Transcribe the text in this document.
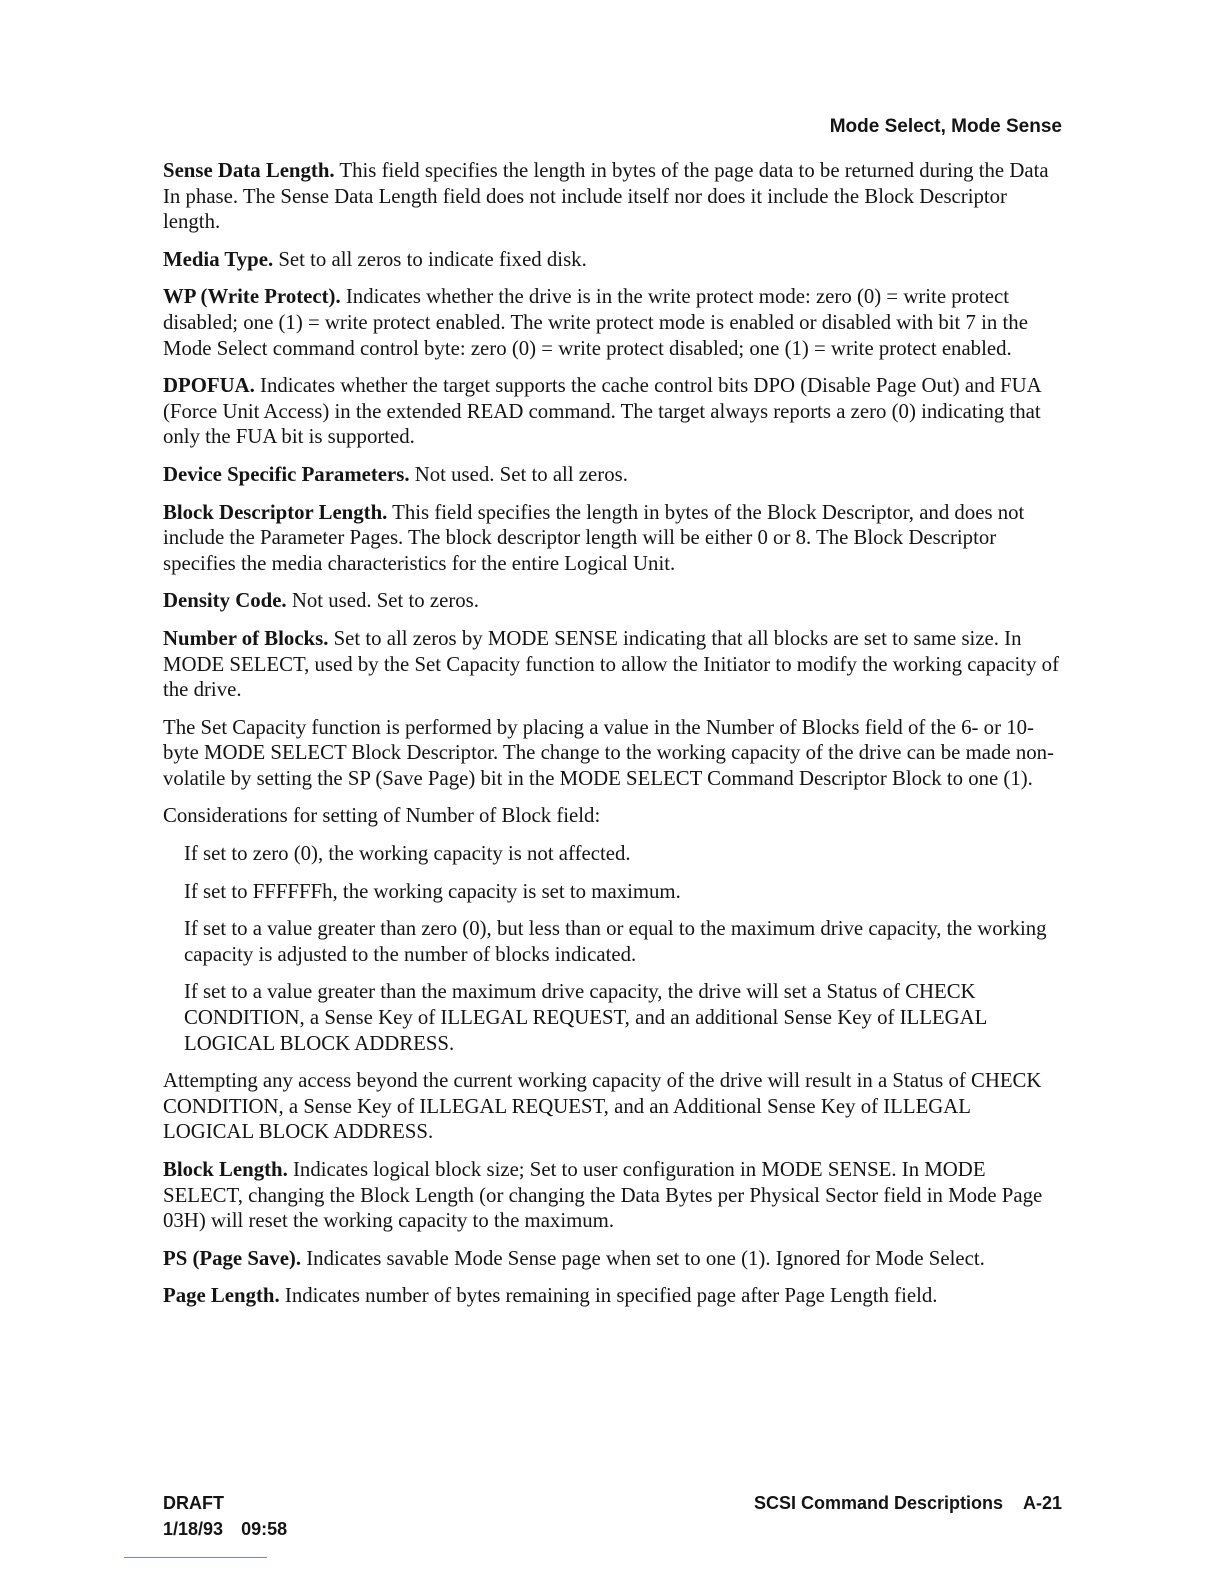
Mode Select, Mode Sense

Sense Data Length. This field specifies the length in bytes of the page data to be returned during the Data In phase. The Sense Data Length field does not include itself nor does it include the Block Descriptor length.

Media Type. Set to all zeros to indicate fixed disk.

WP (Write Protect). Indicates whether the drive is in the write protect mode: zero (0) = write protect disabled; one (1) = write protect enabled. The write protect mode is enabled or disabled with bit 7 in the Mode Select command control byte: zero (0) = write protect disabled; one (1) = write protect enabled.

DPOFUA. Indicates whether the target supports the cache control bits DPO (Disable Page Out) and FUA (Force Unit Access) in the extended READ command. The target always reports a zero (0) indicating that only the FUA bit is supported.

Device Specific Parameters. Not used. Set to all zeros.

Block Descriptor Length. This field specifies the length in bytes of the Block Descriptor, and does not include the Parameter Pages. The block descriptor length will be either 0 or 8. The Block Descriptor specifies the media characteristics for the entire Logical Unit.

Density Code. Not used. Set to zeros.

Number of Blocks. Set to all zeros by MODE SENSE indicating that all blocks are set to same size. In MODE SELECT, used by the Set Capacity function to allow the Initiator to modify the working capacity of the drive.

The Set Capacity function is performed by placing a value in the Number of Blocks field of the 6- or 10-byte MODE SELECT Block Descriptor. The change to the working capacity of the drive can be made non-volatile by setting the SP (Save Page) bit in the MODE SELECT Command Descriptor Block to one (1).

Considerations for setting of Number of Block field:

If set to zero (0), the working capacity is not affected.

If set to FFFFFFh, the working capacity is set to maximum.

If set to a value greater than zero (0), but less than or equal to the maximum drive capacity, the working capacity is adjusted to the number of blocks indicated.

If set to a value greater than the maximum drive capacity, the drive will set a Status of CHECK CONDITION, a Sense Key of ILLEGAL REQUEST, and an additional Sense Key of ILLEGAL LOGICAL BLOCK ADDRESS.

Attempting any access beyond the current working capacity of the drive will result in a Status of CHECK CONDITION, a Sense Key of ILLEGAL REQUEST, and an Additional Sense Key of ILLEGAL LOGICAL BLOCK ADDRESS.

Block Length. Indicates logical block size; Set to user configuration in MODE SENSE. In MODE SELECT, changing the Block Length (or changing the Data Bytes per Physical Sector field in Mode Page 03H) will reset the working capacity to the maximum.

PS (Page Save). Indicates savable Mode Sense page when set to one (1). Ignored for Mode Select.

Page Length. Indicates number of bytes remaining in specified page after Page Length field.

DRAFT
1/18/93 09:58
SCSI Command Descriptions A-21
